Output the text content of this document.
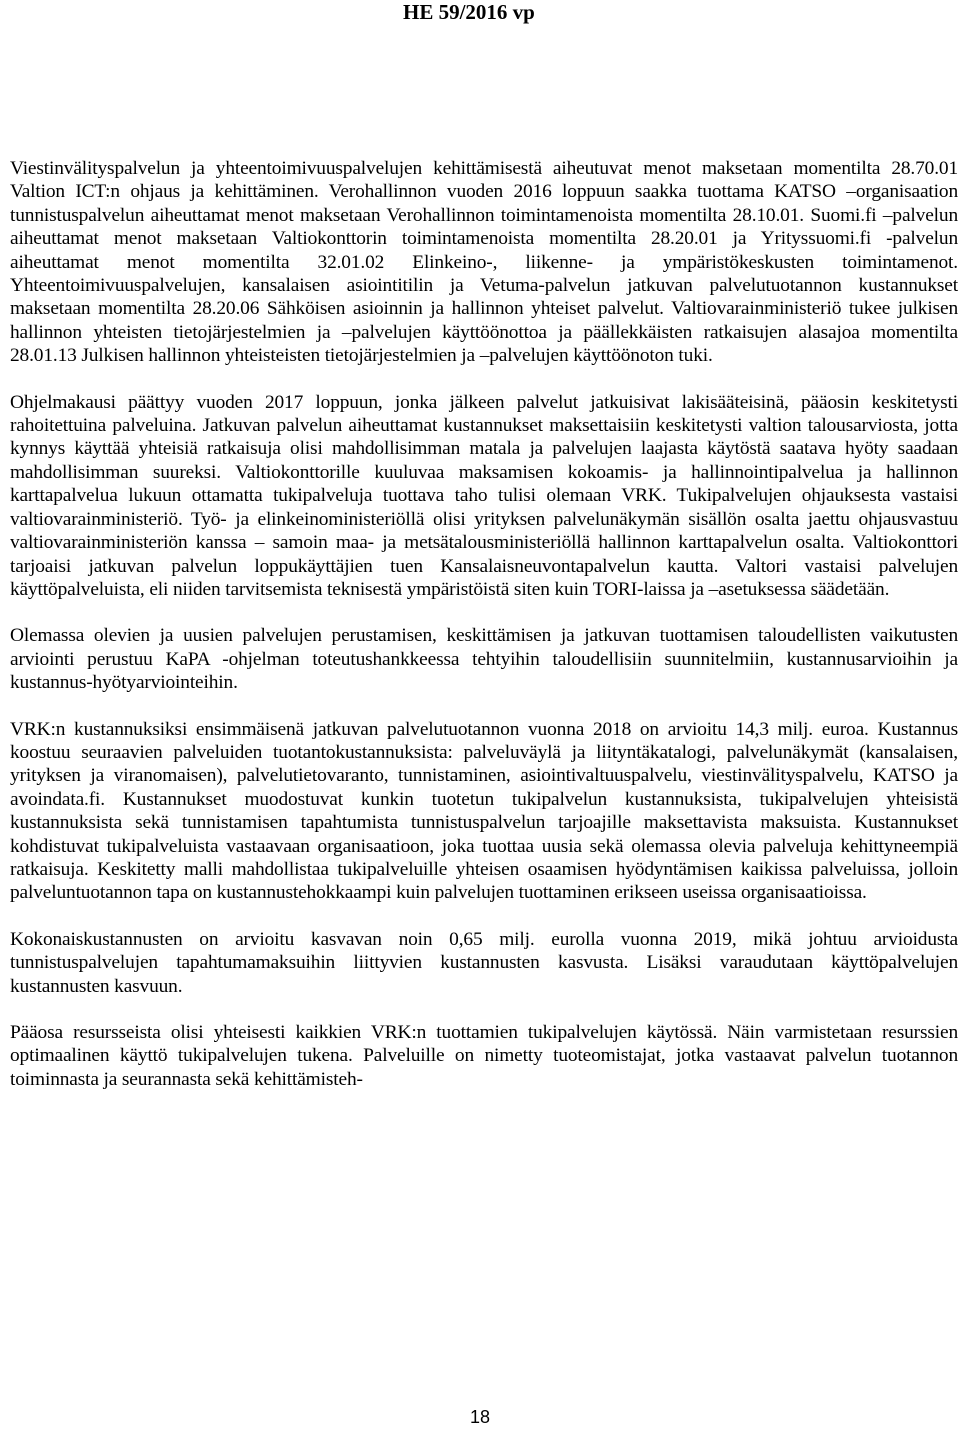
HE 59/2016 vp

Viestinvälityspalvelun ja yhteentoimivuuspalvelujen kehittämisestä aiheutuvat menot maksetaan momentilta 28.70.01 Valtion ICT:n ohjaus ja kehittäminen. Verohallinnon vuoden 2016 loppuun saakka tuottama KATSO –organisaation tunnistuspalvelun aiheuttamat menot maksetaan Verohallinnon toimintamenoista momentilta 28.10.01. Suomi.fi –palvelun aiheuttamat menot maksetaan Valtiokonttorin toimintamenoista momentilta 28.20.01 ja Yrityssuomi.fi -palvelun aiheuttamat menot momentilta 32.01.02 Elinkeino-, liikenne- ja ympäristökeskusten toimintamenot. Yhteentoimivuuspalvelujen, kansalaisen asiointitilin ja Vetuma-palvelun jatkuvan palvelutuotannon kustannukset maksetaan momentilta 28.20.06 Sähköisen asioinnin ja hallinnon yhteiset palvelut. Valtiovarainministeriö tukee julkisen hallinnon yhteisten tietojärjestelmien ja –palvelujen käyttöönottoa ja päällekkäisten ratkaisujen alasajoa momentilta 28.01.13 Julkisen hallinnon yhteisteisten tietojärjestelmien ja –palvelujen käyttöönoton tuki.

Ohjelmakausi päättyy vuoden 2017 loppuun, jonka jälkeen palvelut jatkuisivat lakisääteisinä, pääosin keskitetysti rahoitettuina palveluina. Jatkuvan palvelun aiheuttamat kustannukset maksettaisiin keskitetysti valtion talousarviosta, jotta kynnys käyttää yhteisiä ratkaisuja olisi mahdollisimman matala ja palvelujen laajasta käytöstä saatava hyöty saadaan mahdollisimman suureksi. Valtiokonttorille kuuluvaa maksamisen kokoamis- ja hallinnointipalvelua ja hallinnon karttapalvelua lukuun ottamatta tukipalveluja tuottava taho tulisi olemaan VRK. Tukipalvelujen ohjauksesta vastaisi valtiovarainministeriö. Työ- ja elinkeinoministeriöllä olisi yrityksen palvelunäkymän sisällön osalta jaettu ohjausvastuu valtiovarainministeriön kanssa – samoin maa- ja metsätalousministeriöllä hallinnon karttapalvelun osalta. Valtiokonttori tarjoaisi jatkuvan palvelun loppukäyttäjien tuen Kansalaisneuvontapalvelun kautta. Valtori vastaisi palvelujen käyttöpalveluista, eli niiden tarvitsemista teknisestä ympäristöistä siten kuin TORI-laissa ja –asetuksessa säädetään.

Olemassa olevien ja uusien palvelujen perustamisen, keskittämisen ja jatkuvan tuottamisen taloudellisten vaikutusten arviointi perustuu KaPA -ohjelman toteutushankkeessa tehtyihin taloudellisiin suunnitelmiin, kustannusarvioihin ja kustannus-hyötyarviointeihin.

VRK:n kustannuksiksi ensimmäisenä jatkuvan palvelutuotannon vuonna 2018 on arvioitu 14,3 milj. euroa. Kustannus koostuu seuraavien palveluiden tuotantokustannuksista: palveluväylä ja liityntäkatalogi, palvelunäkymät (kansalaisen, yrityksen ja viranomaisen), palvelutietovaranto, tunnistaminen, asiointivaltuuspalvelu, viestinvälityspalvelu, KATSO ja avoindata.fi. Kustannukset muodostuvat kunkin tuotetun tukipalvelun kustannuksista, tukipalvelujen yhteisistä kustannuksista sekä tunnistamisen tapahtumista tunnistuspalvelun tarjoajille maksettavista maksuista. Kustannukset kohdistuvat tukipalveluista vastaavaan organisaatioon, joka tuottaa uusia sekä olemassa olevia palveluja kehittyneempiä ratkaisuja. Keskitetty malli mahdollistaa tukipalveluille yhteisen osaamisen hyödyntämisen kaikissa palveluissa, jolloin palveluntuotannon tapa on kustannustehokkaampi kuin palvelujen tuottaminen erikseen useissa organisaatioissa.

Kokonaiskustannusten on arvioitu kasvavan noin 0,65 milj. eurolla vuonna 2019, mikä johtuu arvioidusta tunnistuspalvelujen tapahtumamaksuihin liittyvien kustannusten kasvusta. Lisäksi varaudutaan käyttöpalvelujen kustannusten kasvuun.

Pääosa resursseista olisi yhteisesti kaikkien VRK:n tuottamien tukipalvelujen käytössä. Näin varmistetaan resurssien optimaalinen käyttö tukipalvelujen tukena. Palveluille on nimetty tuoteomistajat, jotka vastaavat palvelun tuotannon toiminnasta ja seurannasta sekä kehittämisteh-

18
